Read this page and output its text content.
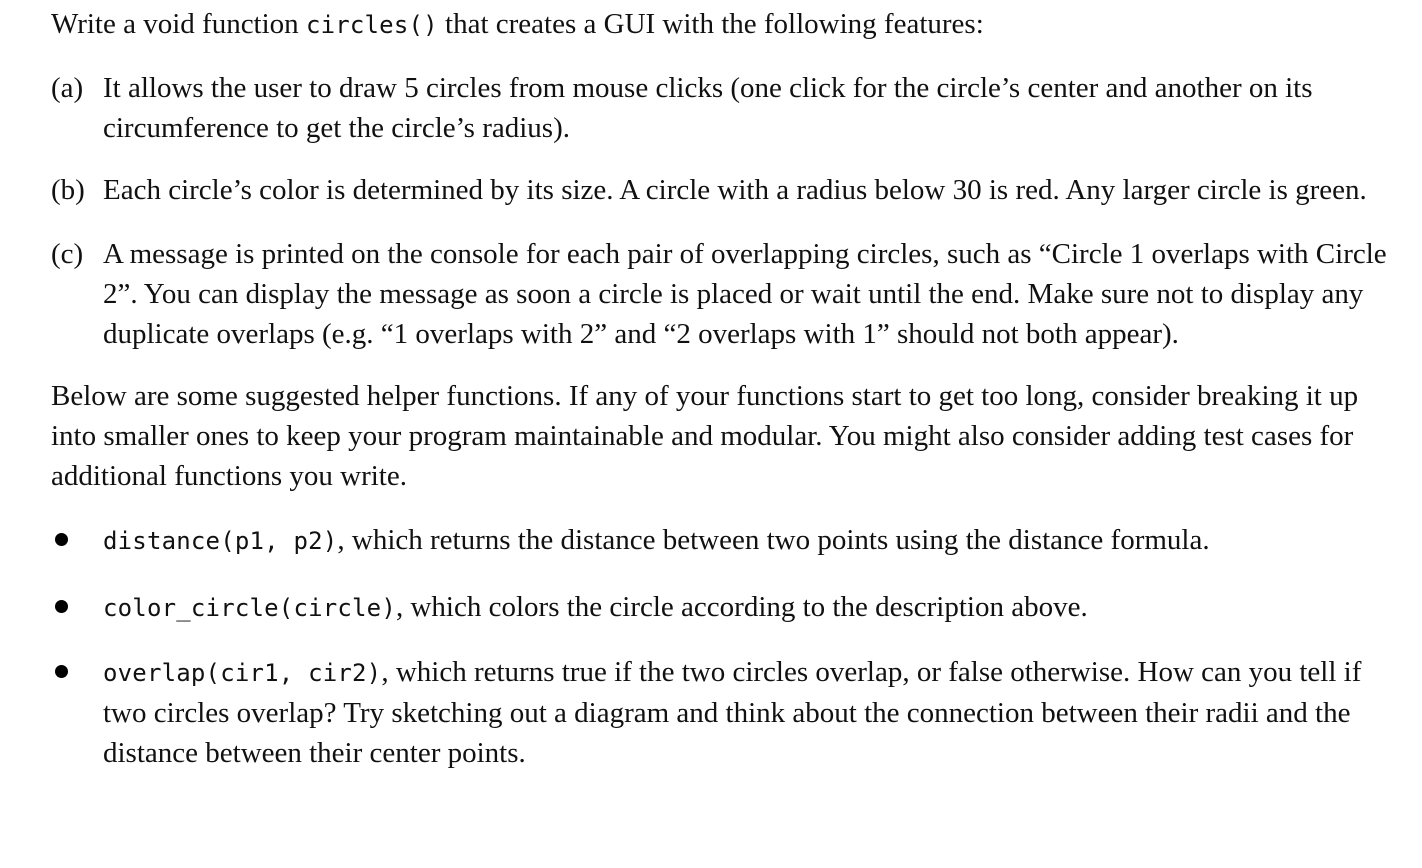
Write a void function circles() that creates a GUI with the following features:

(a) It allows the user to draw 5 circles from mouse clicks (one click for the circle’s center and another on its circumference to get the circle’s radius).
(b) Each circle’s color is determined by its size. A circle with a radius below 30 is red. Any larger circle is green.
(c) A message is printed on the console for each pair of overlapping circles, such as “Circle 1 overlaps with Circle 2”. You can display the message as soon a circle is placed or wait until the end. Make sure not to display any duplicate overlaps (e.g. “1 overlaps with 2” and “2 overlaps with 1” should not both appear).

Below are some suggested helper functions. If any of your functions start to get too long, consider breaking it up into smaller ones to keep your program maintainable and modular. You might also consider adding test cases for additional functions you write.

distance(p1, p2), which returns the distance between two points using the distance formula.
color_circle(circle), which colors the circle according to the description above.
overlap(cir1, cir2), which returns true if the two circles overlap, or false otherwise. How can you tell if two circles overlap? Try sketching out a diagram and think about the connection between their radii and the distance between their center points.
